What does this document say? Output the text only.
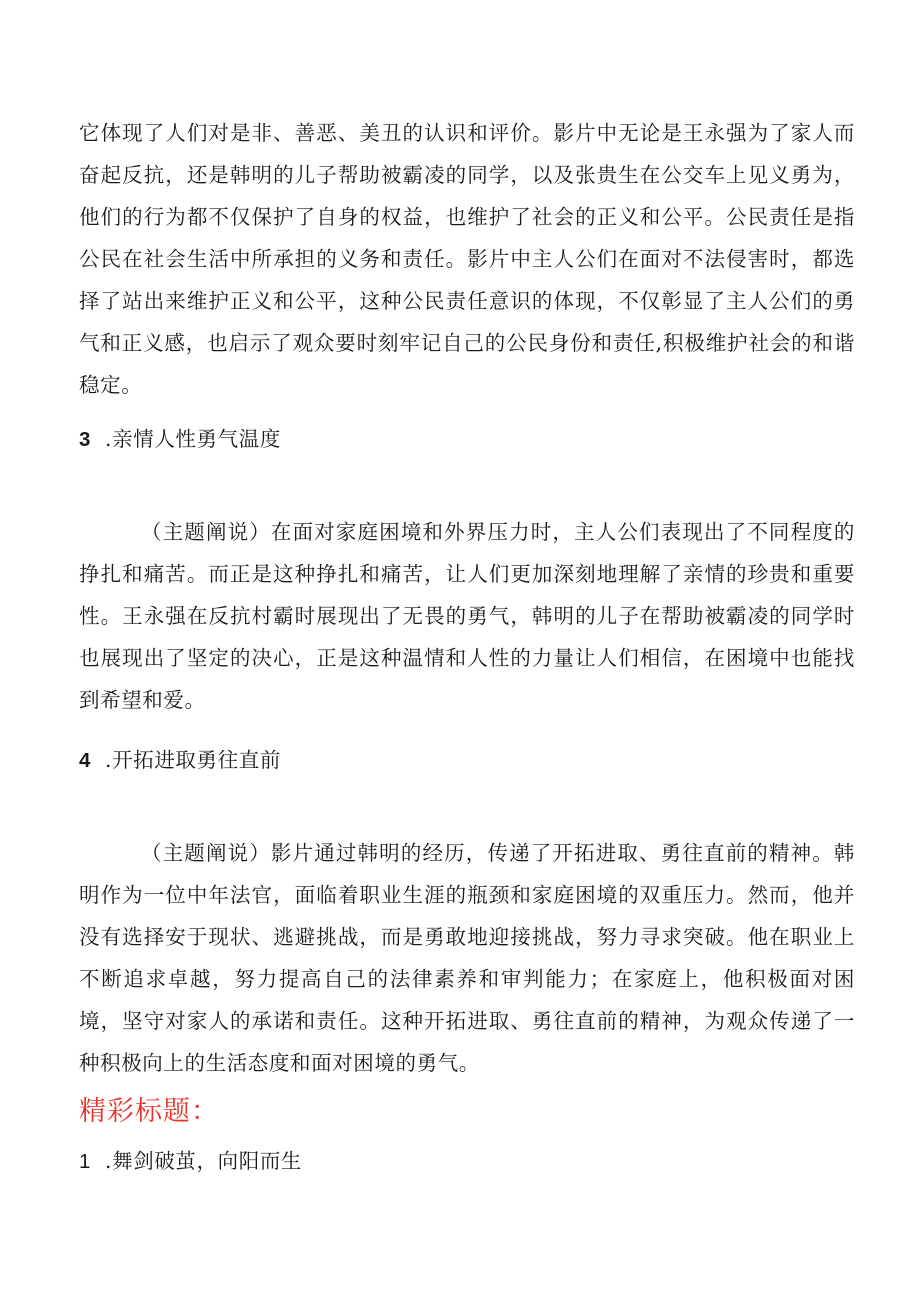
它体现了人们对是非、善恶、美丑的认识和评价。影片中无论是王永强为了家人而奋起反抗，还是韩明的儿子帮助被霸凌的同学，以及张贵生在公交车上见义勇为，他们的行为都不仅保护了自身的权益，也维护了社会的正义和公平。公民责任是指公民在社会生活中所承担的义务和责任。影片中主人公们在面对不法侵害时，都选择了站出来维护正义和公平，这种公民责任意识的体现，不仅彰显了主人公们的勇气和正义感，也启示了观众要时刻牢记自己的公民身份和责任,积极维护社会的和谐稳定。

3 .亲情人性勇气温度

（主题阐说）在面对家庭困境和外界压力时，主人公们表现出了不同程度的挣扎和痛苦。而正是这种挣扎和痛苦，让人们更加深刻地理解了亲情的珍贵和重要性。王永强在反抗村霸时展现出了无畏的勇气，韩明的儿子在帮助被霸凌的同学时也展现出了坚定的决心，正是这种温情和人性的力量让人们相信，在困境中也能找到希望和爱。

4 .开拓进取勇往直前

（主题阐说）影片通过韩明的经历，传递了开拓进取、勇往直前的精神。韩明作为一位中年法官，面临着职业生涯的瓶颈和家庭困境的双重压力。然而，他并没有选择安于现状、逃避挑战，而是勇敢地迎接挑战，努力寻求突破。他在职业上不断追求卓越，努力提高自己的法律素养和审判能力；在家庭上，他积极面对困境，坚守对家人的承诺和责任。这种开拓进取、勇往直前的精神，为观众传递了一种积极向上的生活态度和面对困境的勇气。

精彩标题：
1 .舞剑破茧，向阳而生
